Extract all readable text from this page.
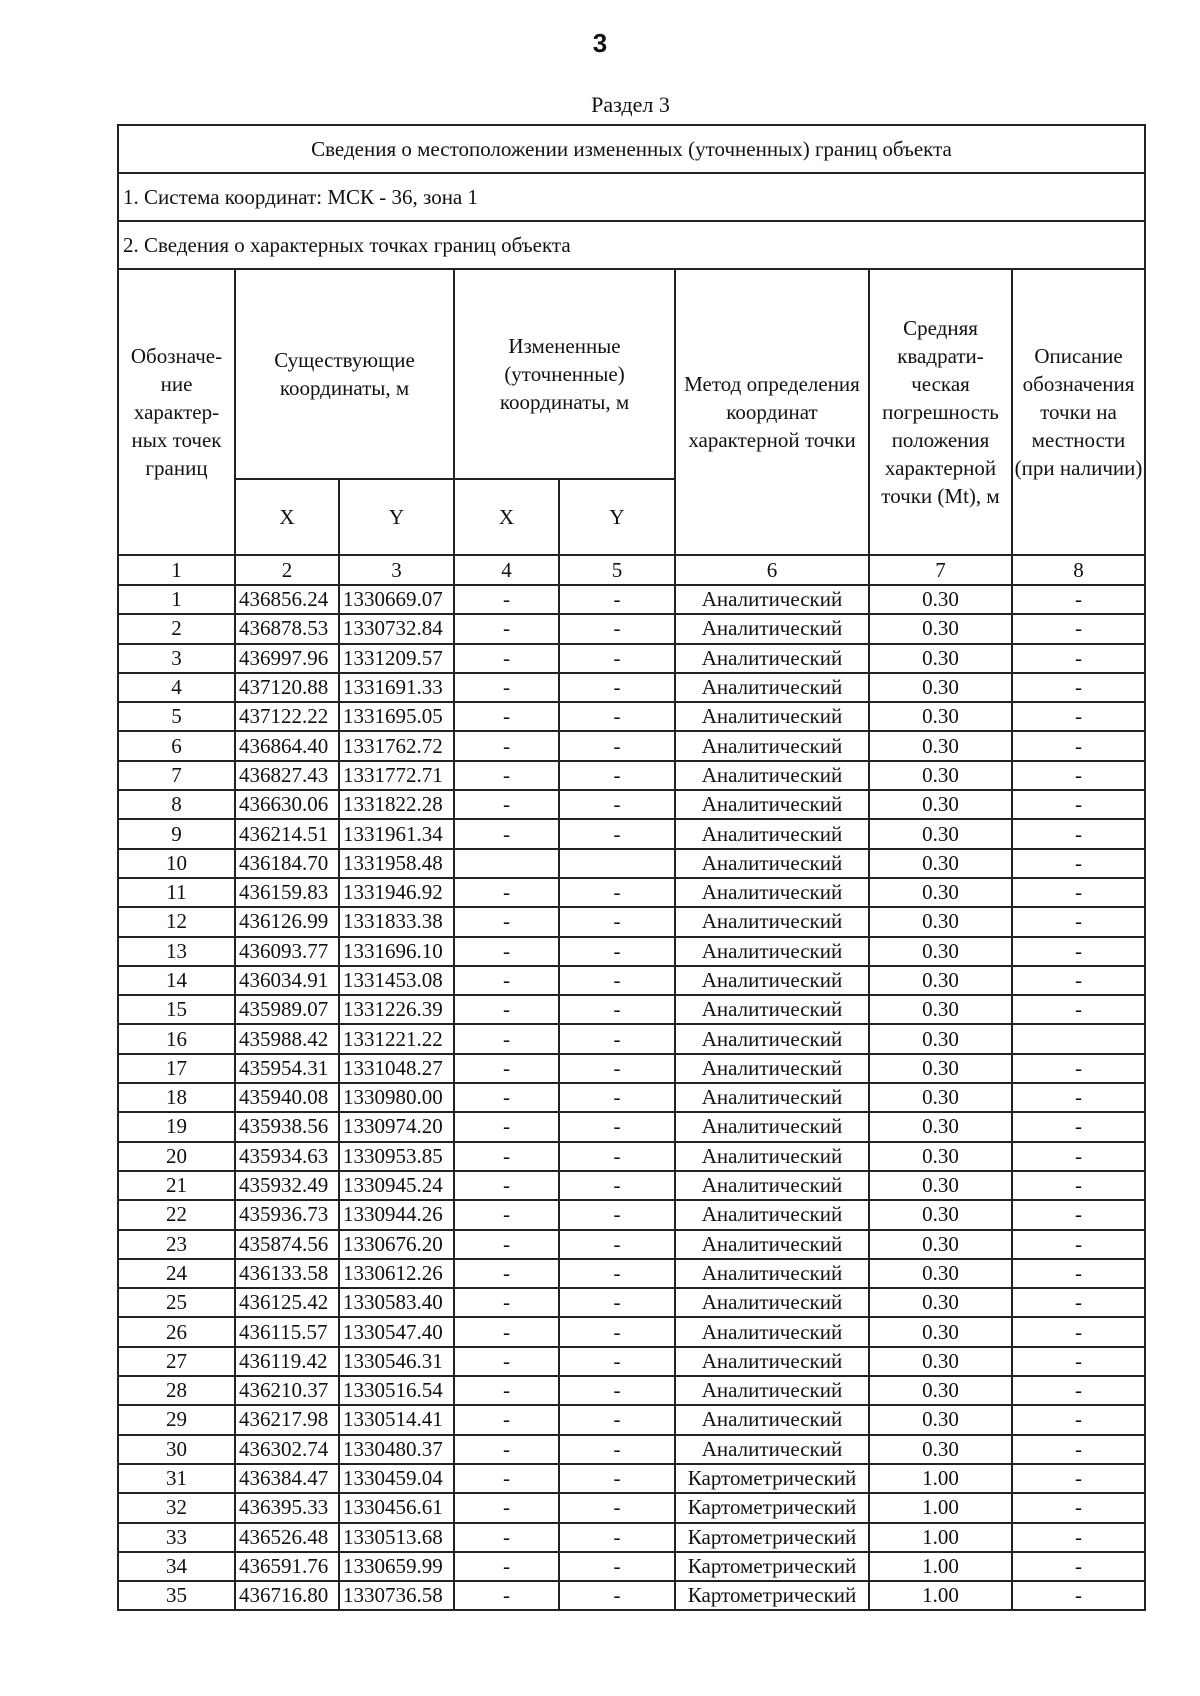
3
Раздел 3
Сведения о местоположении измененных (уточненных) границ объекта							
1. Система координат: МСК - 36, зона 1							
2. Сведения о характерных точках границ объекта							
Обозначе-ние характер-ных точек границ	Существующие координаты, м		Измененные (уточненные) координаты, м		Метод определения координат характерной точки	Средняя квадрати-ческая погрешность положения характерной точки (Mt), м	Описание обозначения точки на местности (при наличии)
	X	Y	X	Y			
1	2	3	4	5	6	7	8
1	436856.24	1330669.07	-	-	Аналитический	0.30	-
2	436878.53	1330732.84	-	-	Аналитический	0.30	-
3	436997.96	1331209.57	-	-	Аналитический	0.30	-
4	437120.88	1331691.33	-	-	Аналитический	0.30	-
5	437122.22	1331695.05	-	-	Аналитический	0.30	-
6	436864.40	1331762.72	-	-	Аналитический	0.30	-
7	436827.43	1331772.71	-	-	Аналитический	0.30	-
8	436630.06	1331822.28	-	-	Аналитический	0.30	-
9	436214.51	1331961.34	-	-	Аналитический	0.30	-
10	436184.70	1331958.48			Аналитический	0.30	-
11	436159.83	1331946.92	-	-	Аналитический	0.30	-
12	436126.99	1331833.38	-	-	Аналитический	0.30	-
13	436093.77	1331696.10	-	-	Аналитический	0.30	-
14	436034.91	1331453.08	-	-	Аналитический	0.30	-
15	435989.07	1331226.39	-	-	Аналитический	0.30	-
16	435988.42	1331221.22	-	-	Аналитический	0.30	
17	435954.31	1331048.27	-	-	Аналитический	0.30	-
18	435940.08	1330980.00	-	-	Аналитический	0.30	-
19	435938.56	1330974.20	-	-	Аналитический	0.30	-
20	435934.63	1330953.85	-	-	Аналитический	0.30	-
21	435932.49	1330945.24	-	-	Аналитический	0.30	-
22	435936.73	1330944.26	-	-	Аналитический	0.30	-
23	435874.56	1330676.20	-	-	Аналитический	0.30	-
24	436133.58	1330612.26	-	-	Аналитический	0.30	-
25	436125.42	1330583.40	-	-	Аналитический	0.30	-
26	436115.57	1330547.40	-	-	Аналитический	0.30	-
27	436119.42	1330546.31	-	-	Аналитический	0.30	-
28	436210.37	1330516.54	-	-	Аналитический	0.30	-
29	436217.98	1330514.41	-	-	Аналитический	0.30	-
30	436302.74	1330480.37	-	-	Аналитический	0.30	-
31	436384.47	1330459.04	-	-	Картометрический	1.00	-
32	436395.33	1330456.61	-	-	Картометрический	1.00	-
33	436526.48	1330513.68	-	-	Картометрический	1.00	-
34	436591.76	1330659.99	-	-	Картометрический	1.00	-
35	436716.80	1330736.58	-	-	Картометрический	1.00	-
